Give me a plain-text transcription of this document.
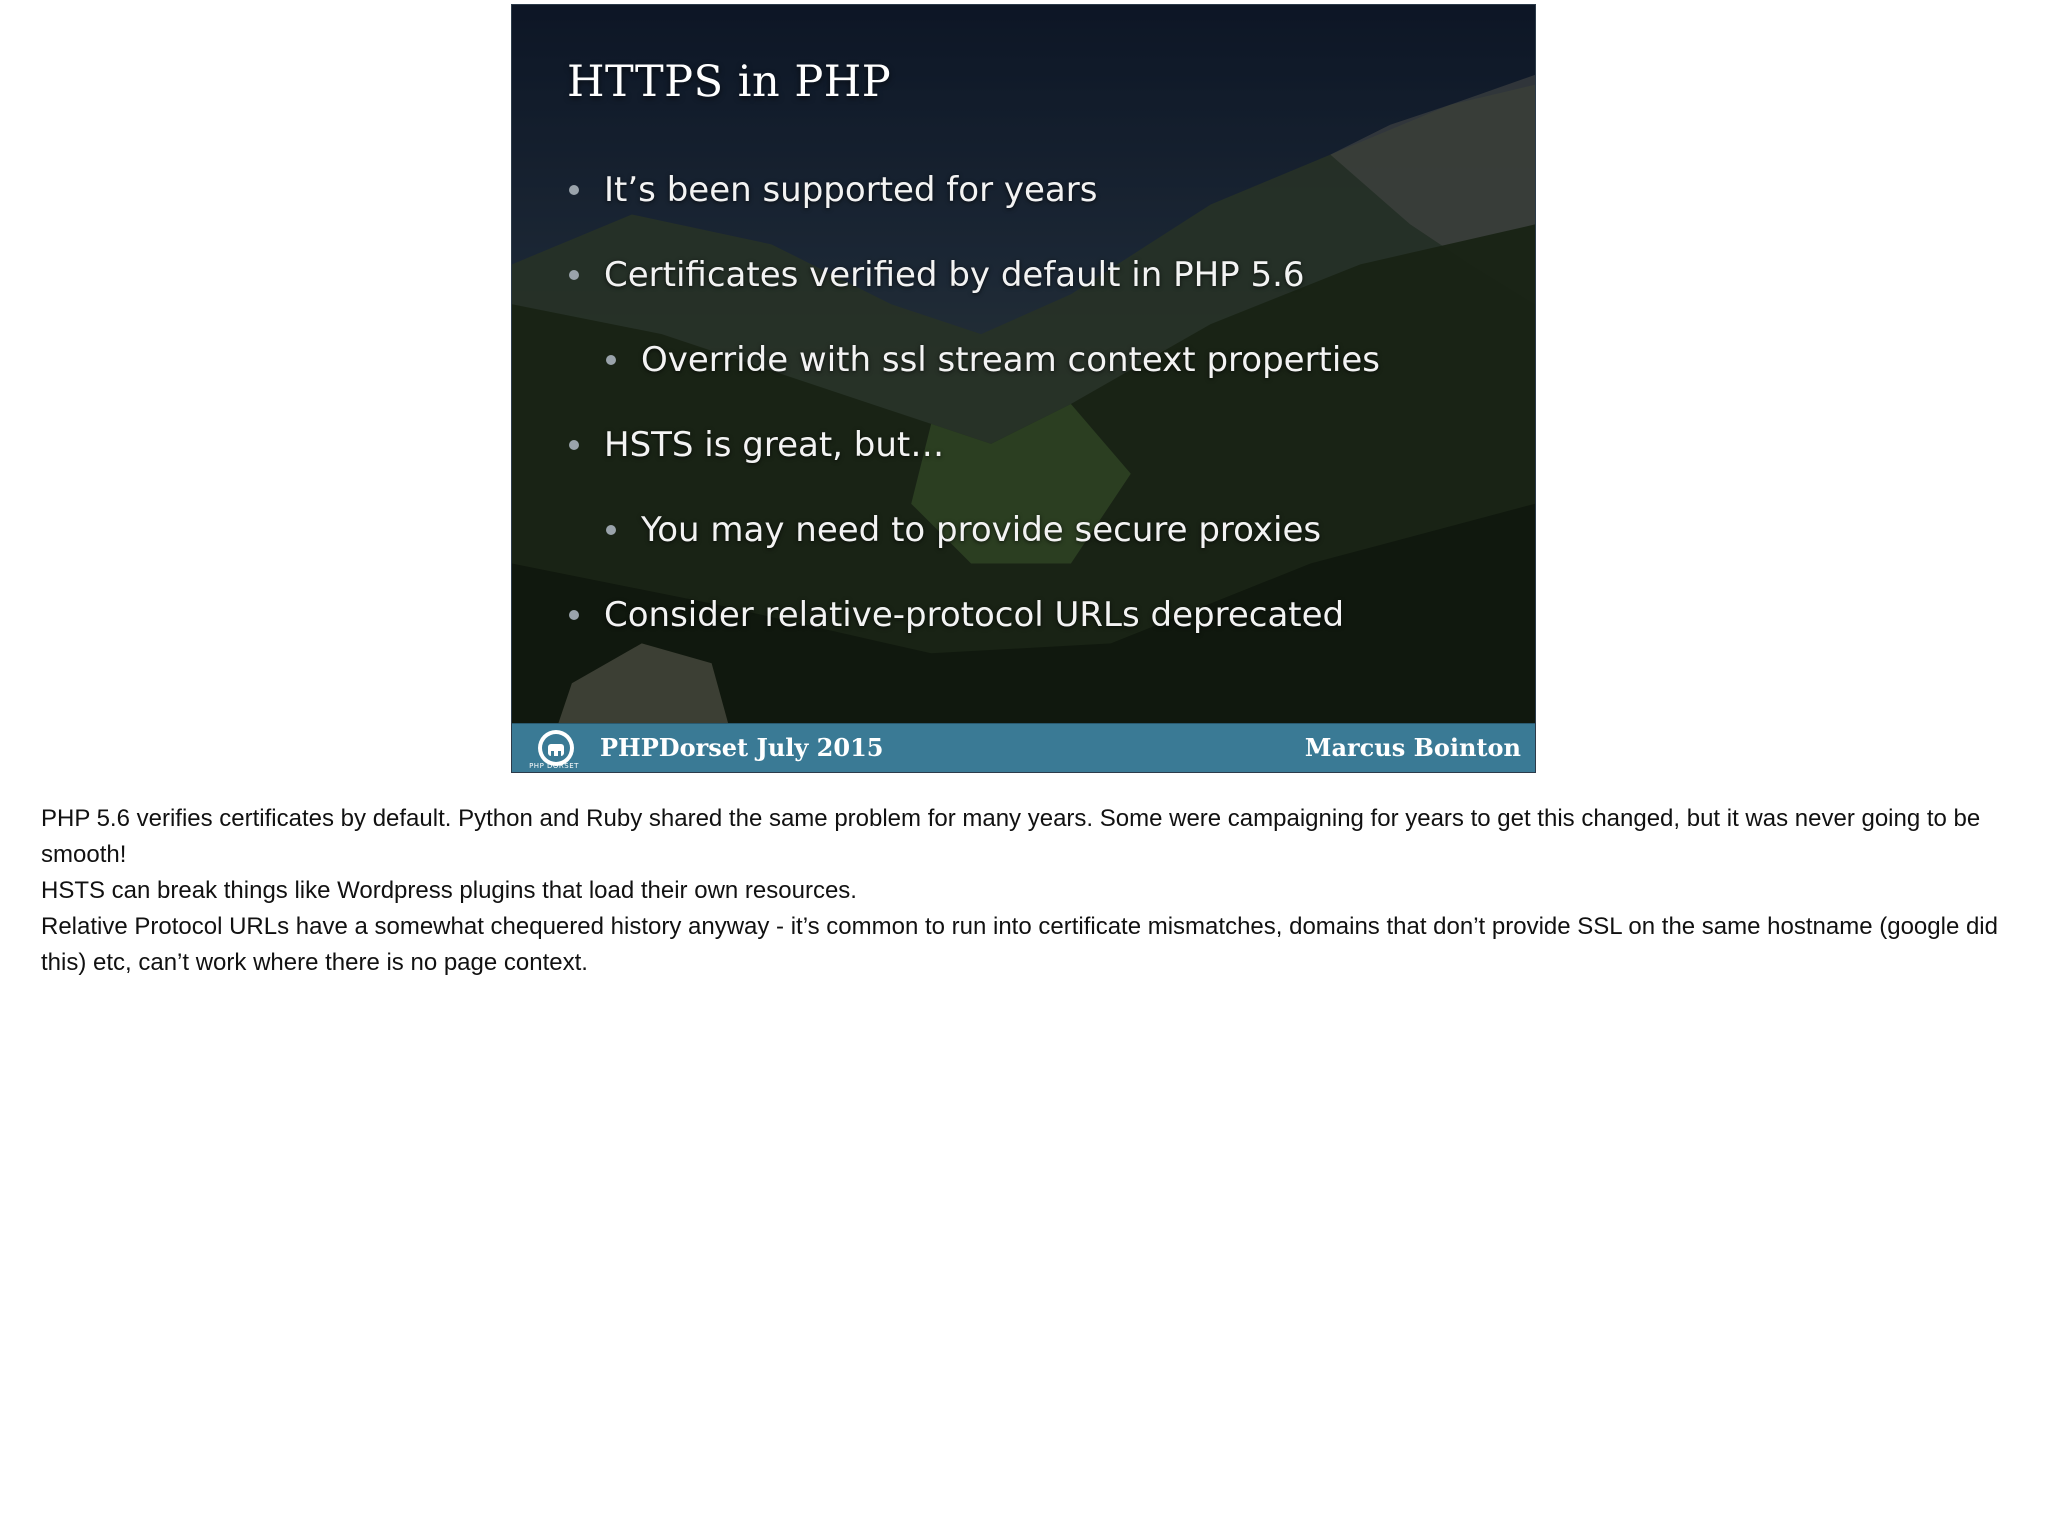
HTTPS in PHP
It’s been supported for years
Certificates verified by default in PHP 5.6
Override with ssl stream context properties
HSTS is great, but…
You may need to provide secure proxies
Consider relative-protocol URLs deprecated
PHP DORSET
PHPDorset July 2015	Marcus Bointon

PHP 5.6 verifies certificates by default. Python and Ruby shared the same problem for many years. Some were campaigning for years to get this changed, but it was never going to be smooth!

HSTS can break things like Wordpress plugins that load their own resources.

Relative Protocol URLs have a somewhat chequered history anyway - it’s common to run into certificate mismatches, domains that don’t provide SSL on the same hostname (google did this) etc, can’t work where there is no page context.
